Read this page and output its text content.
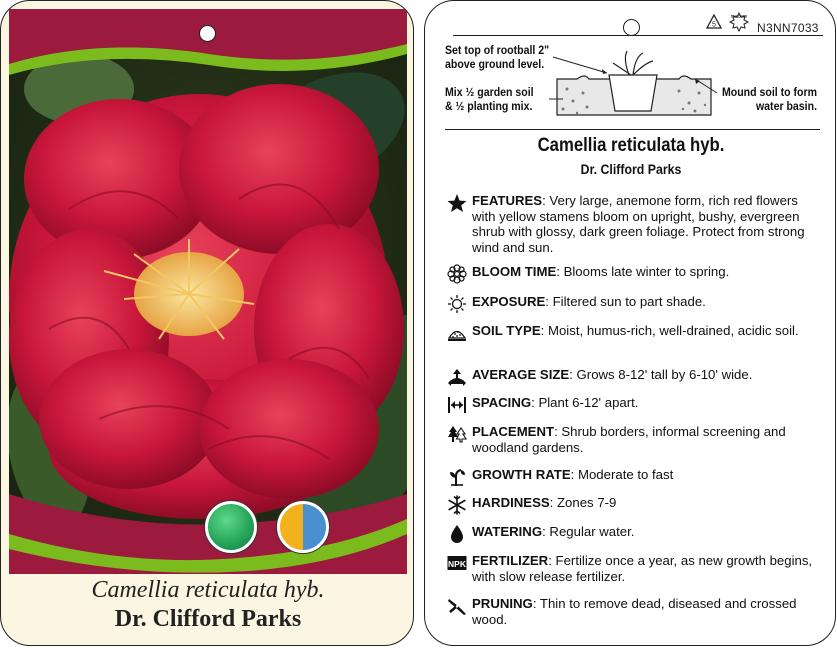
Camellia reticulata hyb.
Dr. Clifford Parks
5
macore
N3NN7033
Set top of rootball 2"
above ground level.
Mix ½ garden soil
& ½ planting mix.
Mound soil to form
water basin.
Camellia reticulata hyb.
Dr. Clifford Parks
FEATURES: Very large, anemone form, rich red flowers with yellow stamens bloom on upright, bushy, evergreen shrub with glossy, dark green foliage. Protect from strong wind and sun.
BLOOM TIME: Blooms late winter to spring.
EXPOSURE: Filtered sun to part shade.
SOIL TYPE: Moist, humus-rich, well-drained, acidic soil.
AVERAGE SIZE: Grows 8-12' tall by 6-10' wide.
SPACING: Plant 6-12' apart.
PLACEMENT: Shrub borders, informal screening and woodland gardens.
GROWTH RATE: Moderate to fast
HARDINESS: Zones 7-9
WATERING: Regular water.
NPK FERTILIZER: Fertilize once a year, as new growth begins, with slow release fertilizer.
PRUNING: Thin to remove dead, diseased and crossed wood.
